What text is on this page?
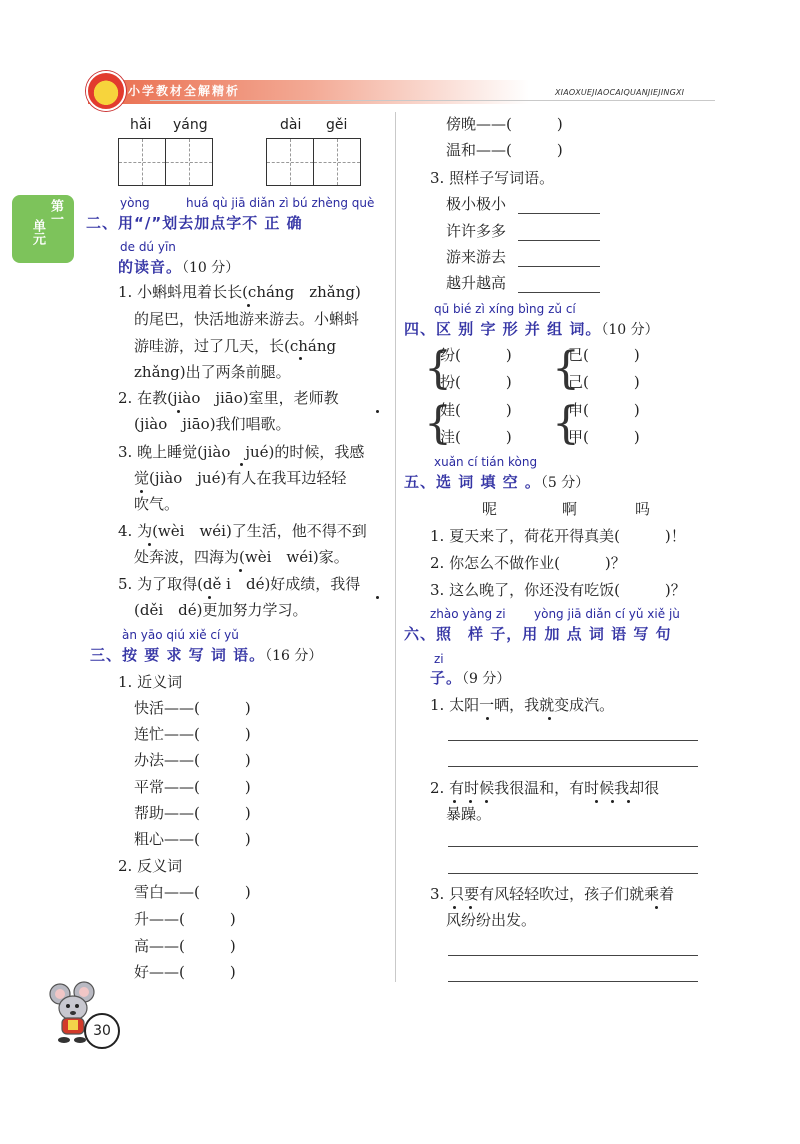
小学教材全解精析	XIAOXUEJIAOCAIQUANJIEJINGXI
第一
单元
hǎi yáng	dài gěi
yòng	huá qù jiā diǎn zì bú zhèng què
二、用“/”划去加点字不 正 确
de dú yīn
的读音。（10 分）
1. 小蝌蚪甩着长长(cháng　zhǎng)
的尾巴，快活地游来游去。小蝌蚪
游哇游，过了几天，长(cháng
zhǎng)出了两条前腿。
2. 在教(jiào　jiāo)室里，老师教
(jiào　jiāo)我们唱歌。
3. 晚上睡觉(jiào　jué)的时候，我感
觉(jiào　jué)有人在我耳边轻轻
吹气。
4. 为(wèi　wéi)了生活，他不得不到
处奔波，四海为(wèi　wéi)家。
5. 为了取得(dě i　dé)好成绩，我得
(děi　dé)更加努力学习。
àn yāo qiú xiě cí yǔ
三、按 要 求 写 词 语。（16 分）
1. 近义词
快活——(　　　)
连忙——(　　　)
办法——(　　　)
平常——(　　　)
帮助——(　　　)
粗心——(　　　)
2. 反义词
雪白——(　　　)
升——(　　　)
高——(　　　)
好——(　　　)
傍晚——(　　　)
温和——(　　　)
3. 照样子写词语。
极小极小
许许多多
游来游去
越升越高
qū bié zì xíng bìng zǔ cí
四、区 别 字 形 并 组 词。（10 分）
{ {
{ {
纷(　　　)
扮(　　　)
已(　　　)
己(　　　)
娃(　　　)
洼(　　　)
申(　　　)
甲(　　　)
xuǎn cí tián kòng
五、选 词 填 空 。（5 分）
呢	啊	吗
1. 夏天来了，荷花开得真美(　　　)！
2. 你怎么不做作业(　　　)？
3. 这么晚了，你还没有吃饭(　　　)？
zhào yàng zi yòng jiā diǎn cí yǔ xiě jù
六、照　样 子，用 加 点 词 语 写 句
zi
子。（9 分）
1. 太阳一晒，我就变成汽。
2. 有时候我很温和，有时候我却很
暴躁。
3. 只要有风轻轻吹过，孩子们就乘着
风纷纷出发。
30
